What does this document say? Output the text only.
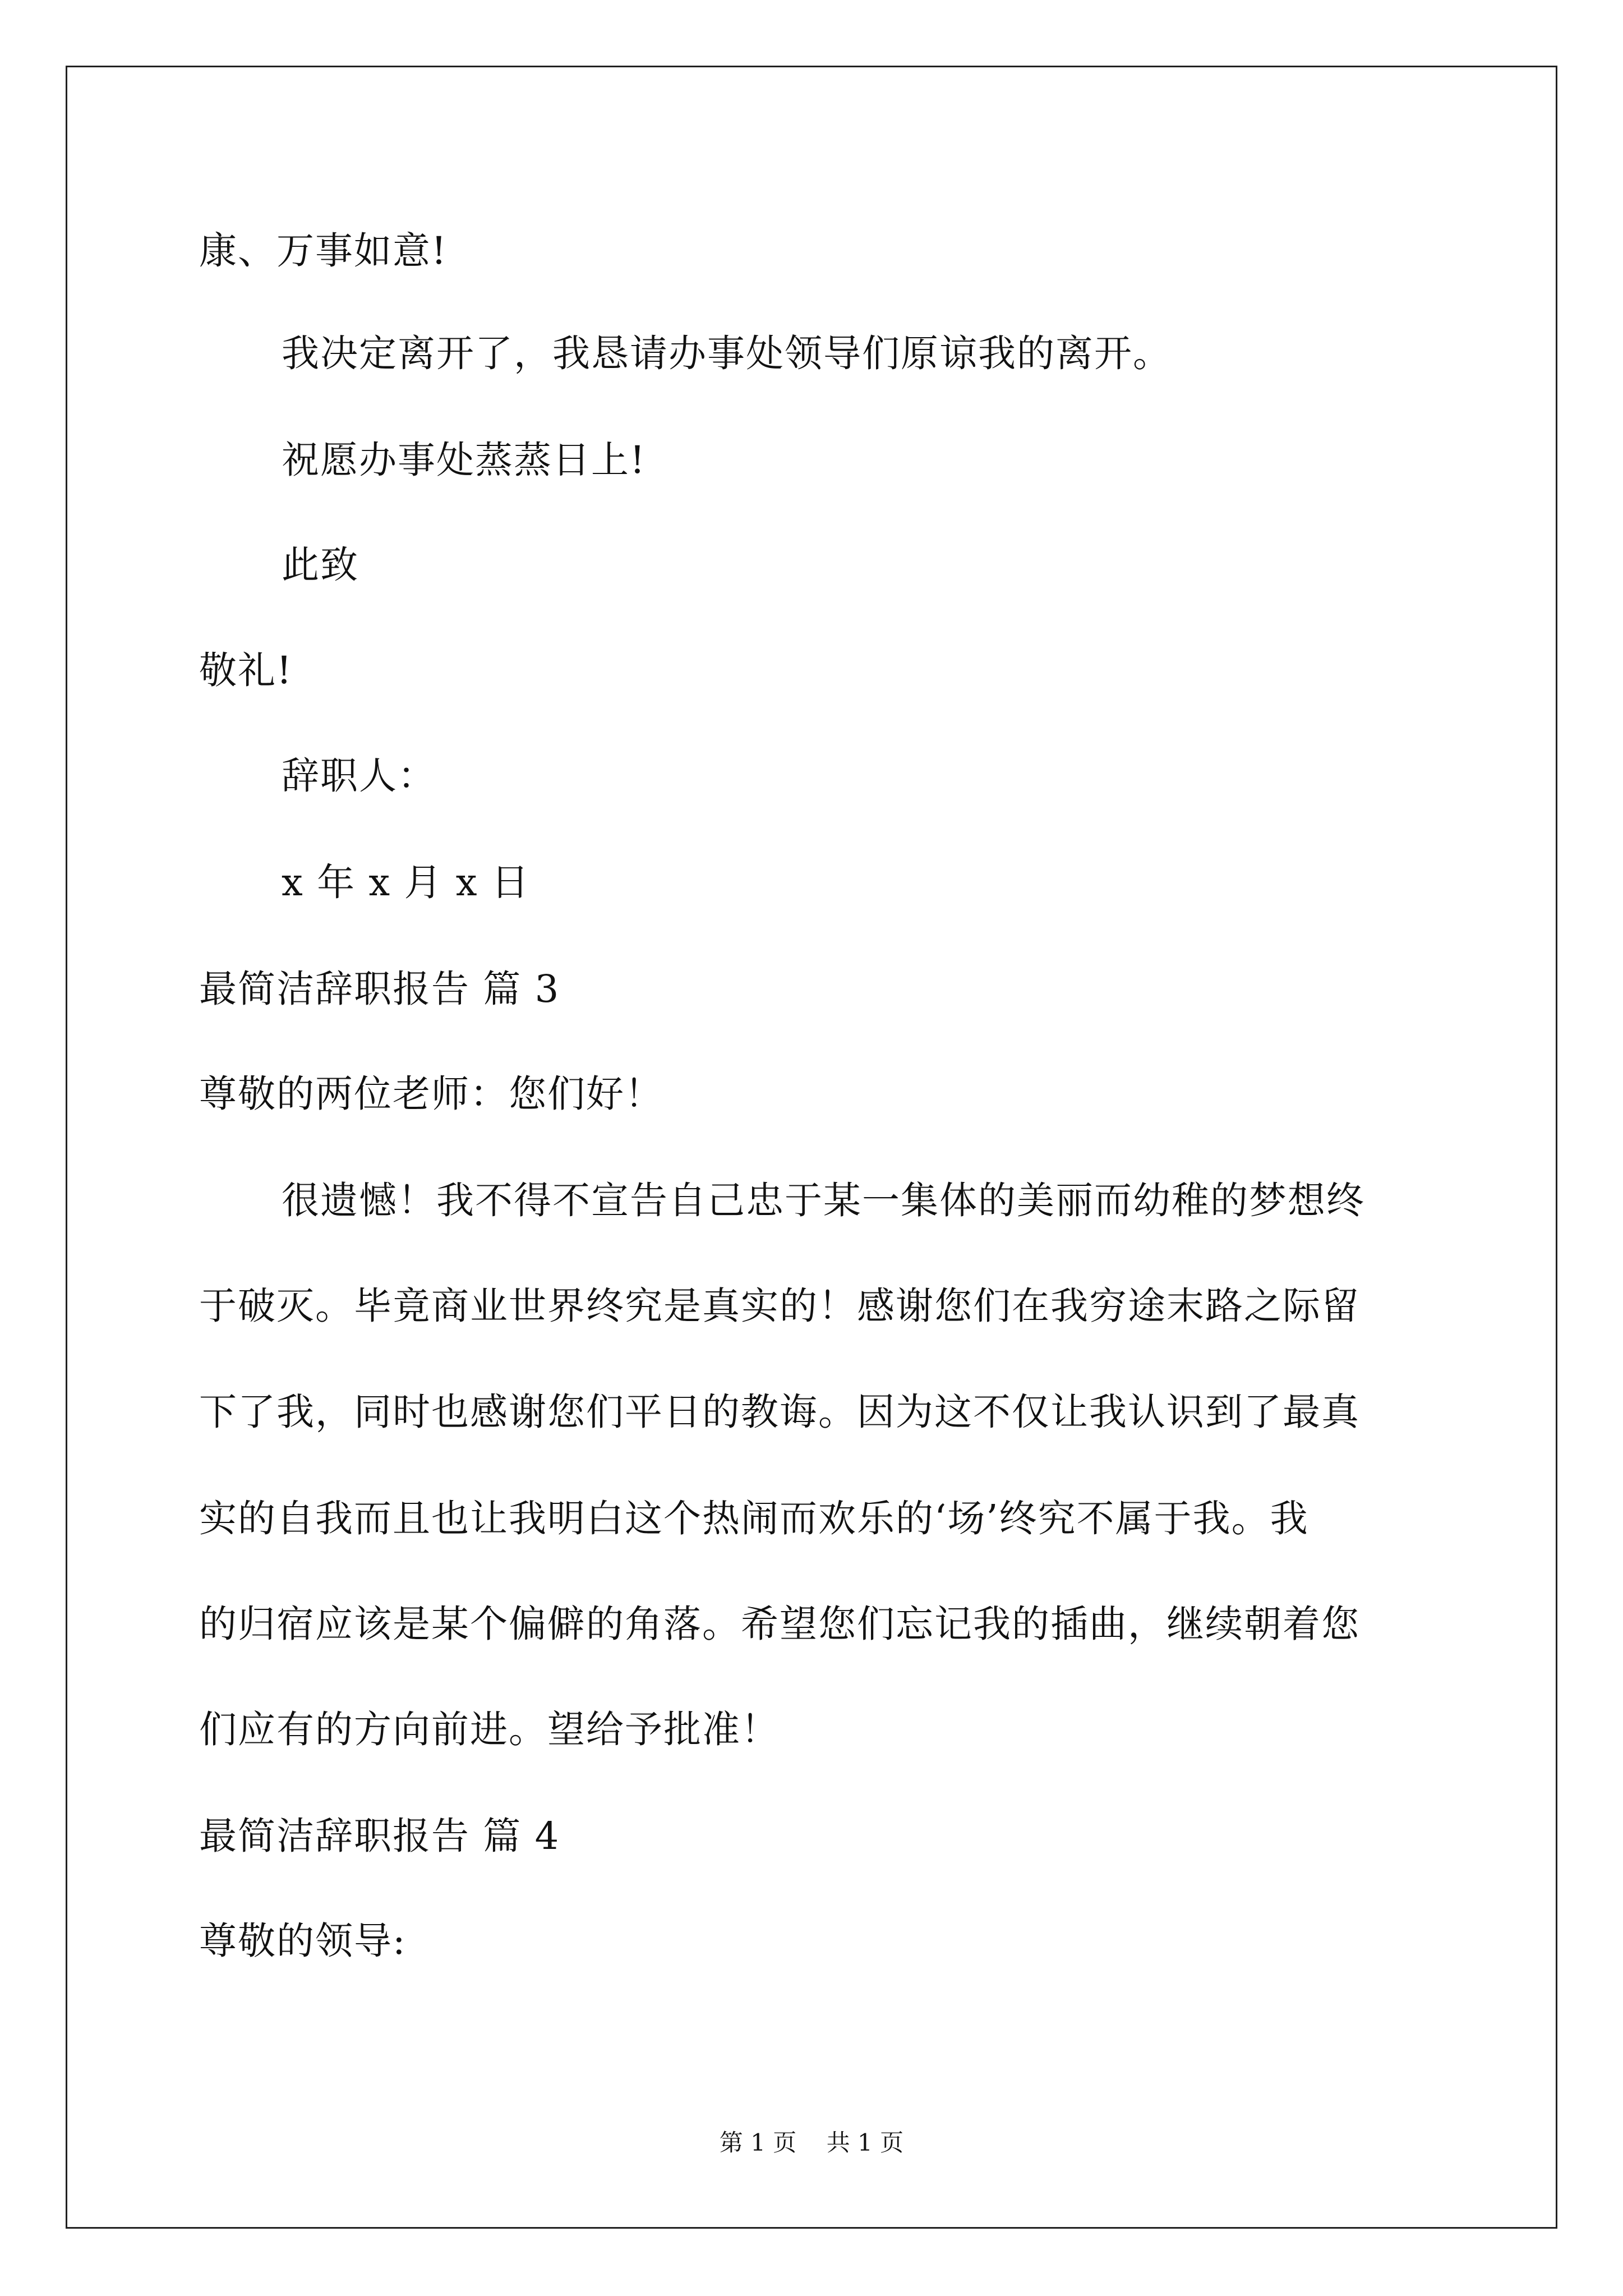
康、万事如意!
我决定离开了，我恳请办事处领导们原谅我的离开。
祝愿办事处蒸蒸日上!
此致
敬礼!
辞职人：
x 年 x 月 x 日
最简洁辞职报告 篇 3
尊敬的两位老师：您们好！
很遗憾！我不得不宣告自己忠于某一集体的美丽而幼稚的梦想终
于破灭。毕竟商业世界终究是真实的！感谢您们在我穷途末路之际留
下了我，同时也感谢您们平日的教诲。因为这不仅让我认识到了最真
实的自我而且也让我明白这个热闹而欢乐的‘场’终究不属于我。我
的归宿应该是某个偏僻的角落。希望您们忘记我的插曲，继续朝着您
们应有的方向前进。望给予批准！
最简洁辞职报告 篇 4
尊敬的领导:
第 1 页    共 1 页
